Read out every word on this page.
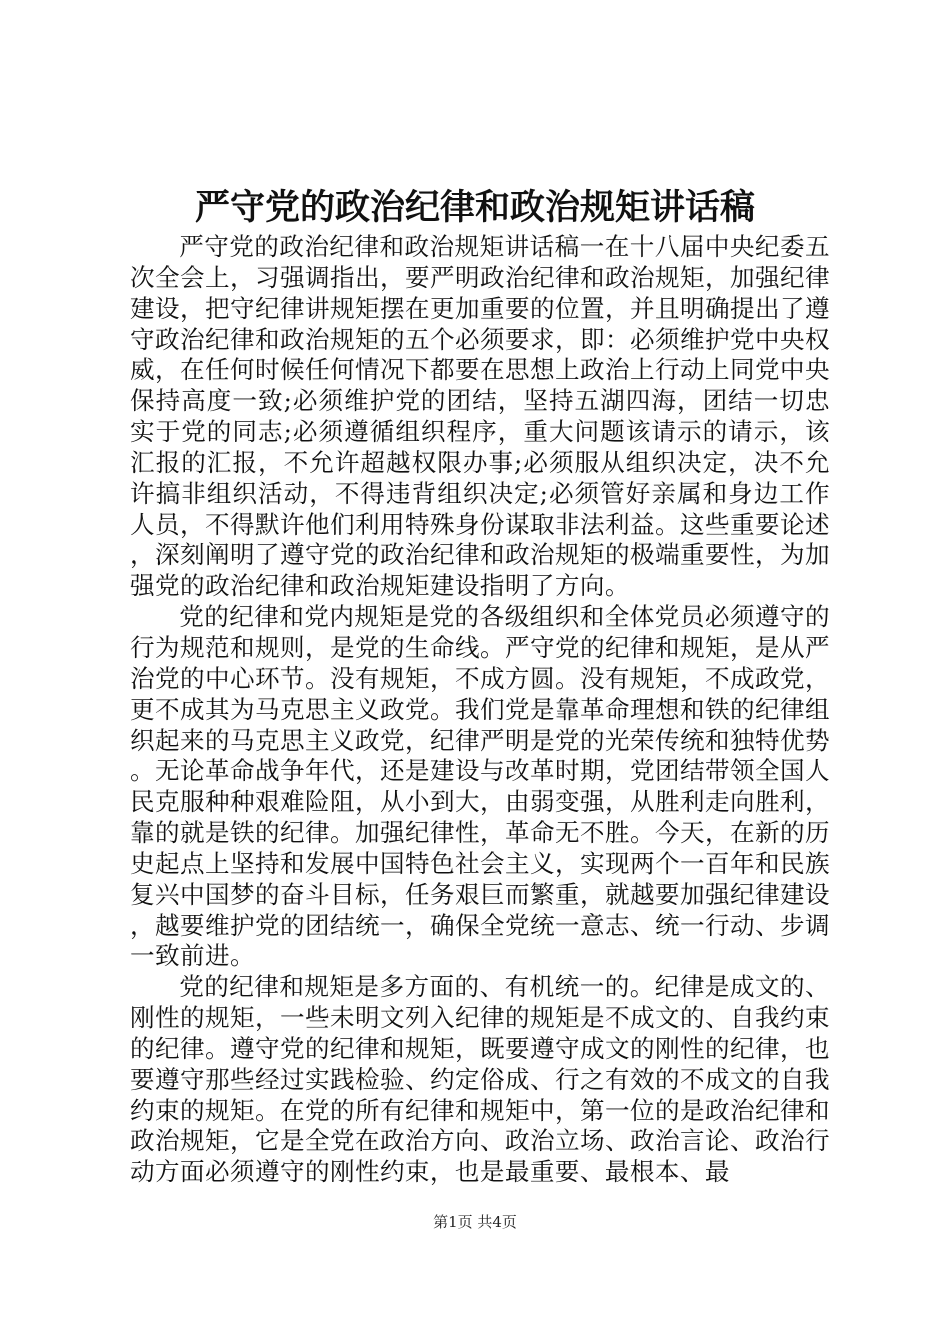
严守党的政治纪律和政治规矩讲话稿

严守党的政治纪律和政治规矩讲话稿一在十八届中央纪委五次全会上，习强调指出，要严明政治纪律和政治规矩，加强纪律建设，把守纪律讲规矩摆在更加重要的位置，并且明确提出了遵守政治纪律和政治规矩的五个必须要求，即：必须维护党中央权威，在任何时候任何情况下都要在思想上政治上行动上同党中央保持高度一致;必须维护党的团结，坚持五湖四海，团结一切忠实于党的同志;必须遵循组织程序，重大问题该请示的请示，该汇报的汇报，不允许超越权限办事;必须服从组织决定，决不允许搞非组织活动，不得违背组织决定;必须管好亲属和身边工作人员，不得默许他们利用特殊身份谋取非法利益。这些重要论述，深刻阐明了遵守党的政治纪律和政治规矩的极端重要性，为加强党的政治纪律和政治规矩建设指明了方向。

党的纪律和党内规矩是党的各级组织和全体党员必须遵守的行为规范和规则，是党的生命线。严守党的纪律和规矩，是从严治党的中心环节。没有规矩，不成方圆。没有规矩，不成政党，更不成其为马克思主义政党。我们党是靠革命理想和铁的纪律组织起来的马克思主义政党，纪律严明是党的光荣传统和独特优势。无论革命战争年代，还是建设与改革时期，党团结带领全国人民克服种种艰难险阻，从小到大，由弱变强，从胜利走向胜利，靠的就是铁的纪律。加强纪律性，革命无不胜。今天，在新的历史起点上坚持和发展中国特色社会主义，实现两个一百年和民族复兴中国梦的奋斗目标，任务艰巨而繁重，就越要加强纪律建设，越要维护党的团结统一，确保全党统一意志、统一行动、步调一致前进。

党的纪律和规矩是多方面的、有机统一的。纪律是成文的、刚性的规矩，一些未明文列入纪律的规矩是不成文的、自我约束的纪律。遵守党的纪律和规矩，既要遵守成文的刚性的纪律，也要遵守那些经过实践检验、约定俗成、行之有效的不成文的自我约束的规矩。在党的所有纪律和规矩中，第一位的是政治纪律和政治规矩，它是全党在政治方向、政治立场、政治言论、政治行动方面必须遵守的刚性约束，也是最重要、最根本、最

第1页 共4页
